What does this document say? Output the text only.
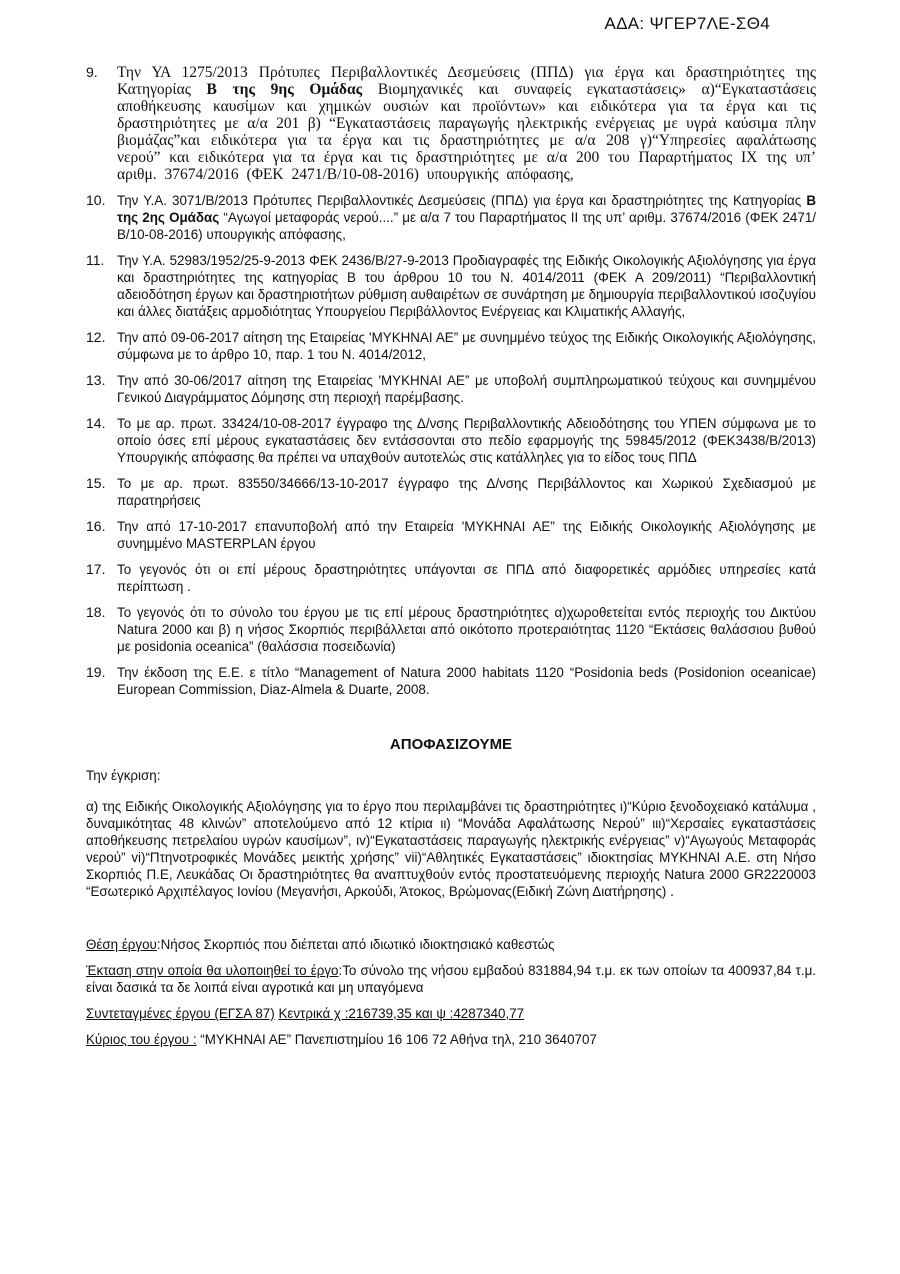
ΑΔΑ: ΨΓΕΡ7ΛΕ-ΣΘ4
9.	Την ΥΑ 1275/2013 Πρότυπες Περιβαλλοντικές Δεσμεύσεις (ΠΠΔ) για έργα και δραστηριότητες της Κατηγορίας Β της 9ης Ομάδας Βιομηχανικές και συναφείς εγκαταστάσεις» α)“Εγκαταστάσεις αποθήκευσης καυσίμων και χημικών ουσιών και προϊόντων» και ειδικότερα για τα έργα και τις δραστηριότητες με α/α 201 β) “Εγκαταστάσεις παραγωγής ηλεκτρικής ενέργειας με υγρά καύσιμα πλην βιομάζας”και ειδικότερα για τα έργα και τις δραστηριότητες με α/α 208 γ)“Υπηρεσίες αφαλάτωσης νερού” και ειδικότερα για τα έργα και τις δραστηριότητες με α/α 200 του Παραρτήματος ΙΧ της υπ’ αριθμ. 37674/2016 (ΦΕΚ 2471/Β/10-08-2016) υπουργικής απόφασης,
10. Την Υ.Α. 3071/Β/2013 Πρότυπες Περιβαλλοντικές Δεσμεύσεις (ΠΠΔ) για έργα και δραστηριότητες της Κατηγορίας Β της 2ης Ομάδας “Αγωγοί μεταφοράς νερού....” με α/α 7 του Παραρτήματος ΙΙ της υπ’ αριθμ. 37674/2016 (ΦΕΚ 2471/Β/10-08-2016) υπουργικής απόφασης,
11. Την Υ.Α. 52983/1952/25-9-2013 ΦΕΚ 2436/Β/27-9-2013 Προδιαγραφές της Ειδικής Οικολογικής Αξιολόγησης για έργα και δραστηριότητες της κατηγορίας Β του άρθρου 10 του Ν. 4014/2011 (ΦΕΚ Α 209/2011) “Περιβαλλοντική αδειοδότηση έργων και δραστηριοτήτων ρύθμιση αυθαιρέτων σε συνάρτηση με δημιουργία περιβαλλοντικού ισοζυγίου και άλλες διατάξεις αρμοδιότητας Υπουργείου Περιβάλλοντος Ενέργειας και Κλιματικής Αλλαγής,
12. Την από 09-06-2017 αίτηση της Εταιρείας 'ΜΥΚΗΝΑΙ ΑΕ” με συνημμένο τεύχος της Ειδικής Οικολογικής Αξιολόγησης, σύμφωνα με το άρθρο 10, παρ. 1 του Ν. 4014/2012,
13. Την από 30-06/2017 αίτηση της Εταιρείας 'ΜΥΚΗΝΑΙ ΑΕ” με υποβολή συμπληρωματικού τεύχους και συνημμένου Γενικού Διαγράμματος Δόμησης στη περιοχή παρέμβασης.
14. Το με αρ. πρωτ. 33424/10-08-2017 έγγραφο της Δ/νσης Περιβαλλοντικής Αδειοδότησης του ΥΠΕΝ σύμφωνα με το οποίο όσες επί μέρους εγκαταστάσεις δεν εντάσσονται στο πεδίο εφαρμογής της 59845/2012 (ΦΕΚ3438/Β/2013) Υπουργικής απόφασης θα πρέπει να υπαχθούν αυτοτελώς στις κατάλληλες για το είδος τους ΠΠΔ
15. Το με αρ. πρωτ. 83550/34666/13-10-2017 έγγραφο της Δ/νσης Περιβάλλοντος και Χωρικού Σχεδιασμού με παρατηρήσεις
16. Την από 17-10-2017 επανυποβολή από την Εταιρεία 'ΜΥΚΗΝΑΙ ΑΕ” της Ειδικής Οικολογικής Αξιολόγησης με συνημμένο MASTERPLAN έργου
17. Το γεγονός ότι οι επί μέρους δραστηριότητες υπάγονται σε ΠΠΔ από διαφορετικές αρμόδιες υπηρεσίες κατά περίπτωση .
18. Το γεγονός ότι το σύνολο του έργου με τις επί μέρους δραστηριότητες α)χωροθετείται εντός περιοχής του Δικτύου Natura 2000 και β) η νήσος Σκορπιός περιβάλλεται από οικότοπο προτεραιότητας 1120 “Εκτάσεις θαλάσσιου βυθού με posidonia oceanica” (θαλάσσια ποσειδωνία)
19. Την έκδοση της Ε.Ε. ε τίτλο “Management of Natura 2000 habitats 1120 “Posidonia beds (Posidonion oceanicae) European Commission, Diaz-Almela & Duarte, 2008.
ΑΠΟΦΑΣΙΖΟΥΜΕ

Την έγκριση:

α) της Ειδικής Οικολογικής Αξιολόγησης για το έργο που περιλαμβάνει τις δραστηριότητες ι)“Κύριο ξενοδοχειακό κατάλυμα , δυναμικότητας 48 κλινών” αποτελούμενο από 12 κτίρια ιι) “Μονάδα Αφαλάτωσης Νερού” ιιι)“Χερσαίες εγκαταστάσεις αποθήκευσης πετρελαίου υγρών καυσίμων”, ιv)“Εγκαταστάσεις παραγωγής ηλεκτρικής ενέργειας” v)“Αγωγούς Μεταφοράς νερού” vi)“Πτηνοτροφικές Μονάδες μεικτής χρήσης” vii)“Αθλητικές Εγκαταστάσεις” ιδιοκτησίας ΜΥΚΗΝΑΙ Α.Ε. στη Νήσο Σκορπιός Π.Ε, Λευκάδας Οι δραστηριότητες θα αναπτυχθούν εντός προστατευόμενης περιοχής Natura 2000 GR2220003 “Εσωτερικό Αρχιπέλαγος Ιονίου (Μεγανήσι, Αρκούδι, Άτοκος, Βρώμονας(Ειδική Ζώνη Διατήρησης) .

Θέση έργου:Νήσος Σκορπιός που διέπεται από ιδιωτικό ιδιοκτησιακό καθεστώς

Έκταση στην οποία θα υλοποιηθεί το έργο:Το σύνολο της νήσου εμβαδού 831884,94 τ.μ. εκ των οποίων τα 400937,84 τ.μ. είναι δασικά τα δε λοιπά είναι αγροτικά και μη υπαγόμενα

Συντεταγμένες έργου (ΕΓΣΑ 87) Κεντρικά χ :216739,35 και ψ :4287340,77

Κύριος του έργου : “ΜΥΚΗΝΑΙ ΑΕ” Πανεπιστημίου 16 106 72 Αθήνα τηλ, 210 3640707
